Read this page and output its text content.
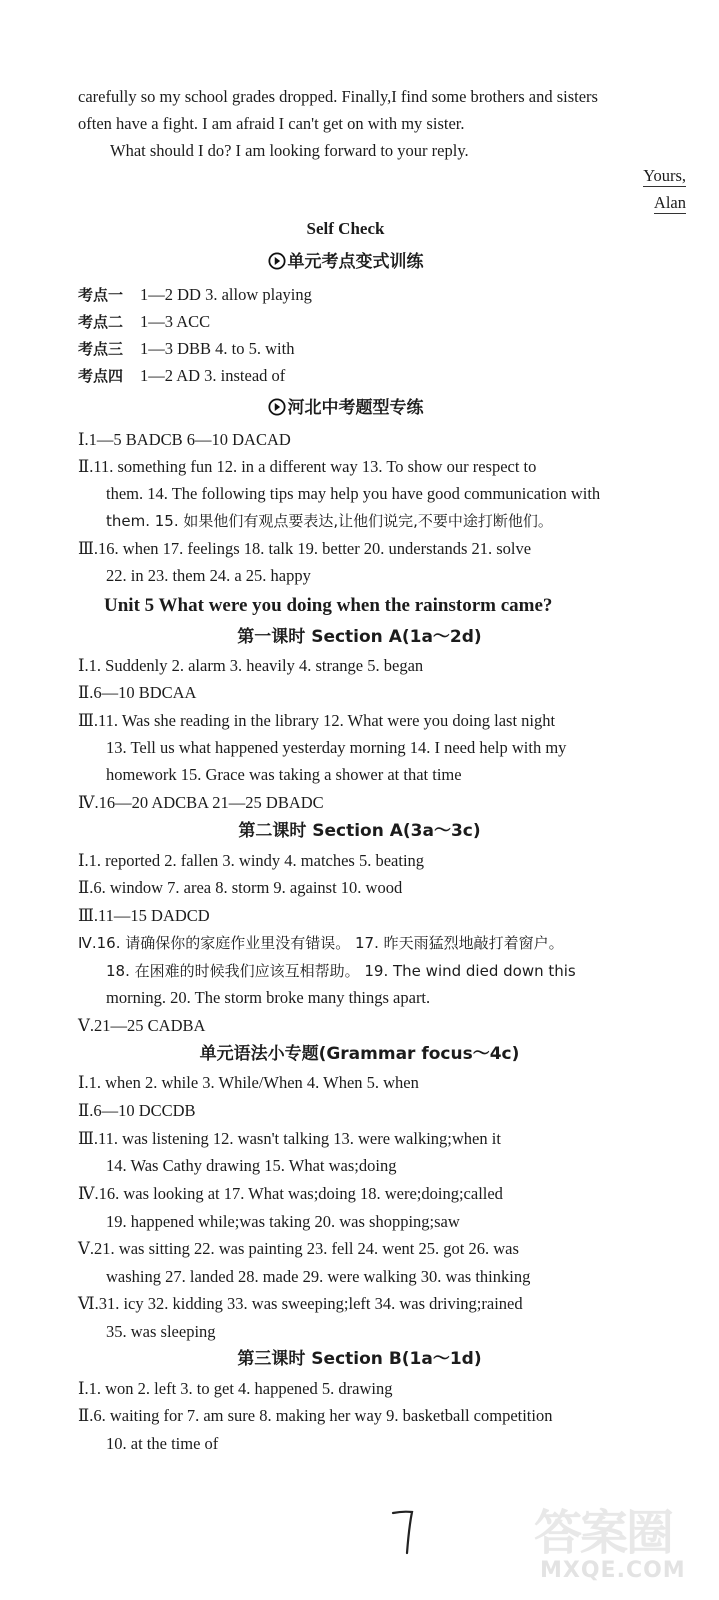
carefully so my school grades dropped. Finally,I find some brothers and sisters
often have a fight. I am afraid I can't get on with my sister.
What should I do? I am looking forward to your reply.
Yours,
Alan
Self Check
单元考点变式训练
考点一 1—2 DD 3. allow playing
考点二 1—3 ACC
考点三 1—3 DBB 4. to 5. with
考点四 1—2 AD 3. instead of
河北中考题型专练
Ⅰ.1—5 BADCB 6—10 DACAD
Ⅱ.11. something fun 12. in a different way 13. To show our respect to
them. 14. The following tips may help you have good communication with
them. 15. 如果他们有观点要表达,让他们说完,不要中途打断他们。
Ⅲ.16. when 17. feelings 18. talk 19. better 20. understands 21. solve
22. in 23. them 24. a 25. happy
Unit 5 What were you doing when the rainstorm came?
第一课时 Section A(1a～2d)
Ⅰ.1. Suddenly 2. alarm 3. heavily 4. strange 5. began
Ⅱ.6—10 BDCAA
Ⅲ.11. Was she reading in the library 12. What were you doing last night
13. Tell us what happened yesterday morning 14. I need help with my
homework 15. Grace was taking a shower at that time
Ⅳ.16—20 ADCBA 21—25 DBADC
第二课时 Section A(3a～3c)
Ⅰ.1. reported 2. fallen 3. windy 4. matches 5. beating
Ⅱ.6. window 7. area 8. storm 9. against 10. wood
Ⅲ.11—15 DADCD
Ⅳ.16. 请确保你的家庭作业里没有错误。 17. 昨天雨猛烈地敲打着窗户。
18. 在困难的时候我们应该互相帮助。 19. The wind died down this
morning. 20. The storm broke many things apart.
Ⅴ.21—25 CADBA
单元语法小专题(Grammar focus～4c)
Ⅰ.1. when 2. while 3. While/When 4. When 5. when
Ⅱ.6—10 DCCDB
Ⅲ.11. was listening 12. wasn't talking 13. were walking;when it
14. Was Cathy drawing 15. What was;doing
Ⅳ.16. was looking at 17. What was;doing 18. were;doing;called
19. happened while;was taking 20. was shopping;saw
Ⅴ.21. was sitting 22. was painting 23. fell 24. went 25. got 26. was
washing 27. landed 28. made 29. were walking 30. was thinking
Ⅵ.31. icy 32. kidding 33. was sweeping;left 34. was driving;rained
35. was sleeping
第三课时 Section B(1a～1d)
Ⅰ.1. won 2. left 3. to get 4. happened 5. drawing
Ⅱ.6. waiting for 7. am sure 8. making her way 9. basketball competition
10. at the time of
答案圈
MXQE.COM
